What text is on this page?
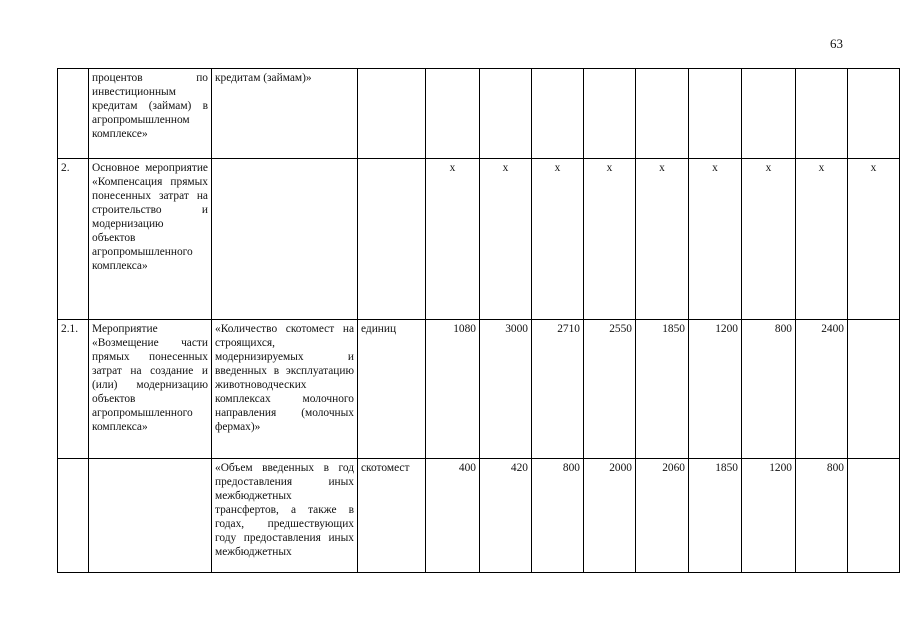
63
	процентов по инвестиционным кредитам (займам) в агропромышленном комплексе»	кредитам (займам)»										
2.	Основное мероприятие «Компенсация прямых понесенных затрат на строительство и модернизацию объектов агропромышленного комплекса»			х	х	х	х	х	х	х	х	х
2.1.	Мероприятие «Возмещение части прямых понесенных затрат на создание и (или) модернизацию объектов агропромышленного комплекса»	«Количество скотомест на строящихся, модернизируемых и введенных в эксплуатацию животноводческих комплексах молочного направления (молочных фермах)»	единиц	1080	3000	2710	2550	1850	1200	800	2400	
		«Объем введенных в год предоставления иных межбюджетных трансфертов, а также в годах, предшествующих году предоставления иных межбюджетных	скотомест	400	420	800	2000	2060	1850	1200	800	
